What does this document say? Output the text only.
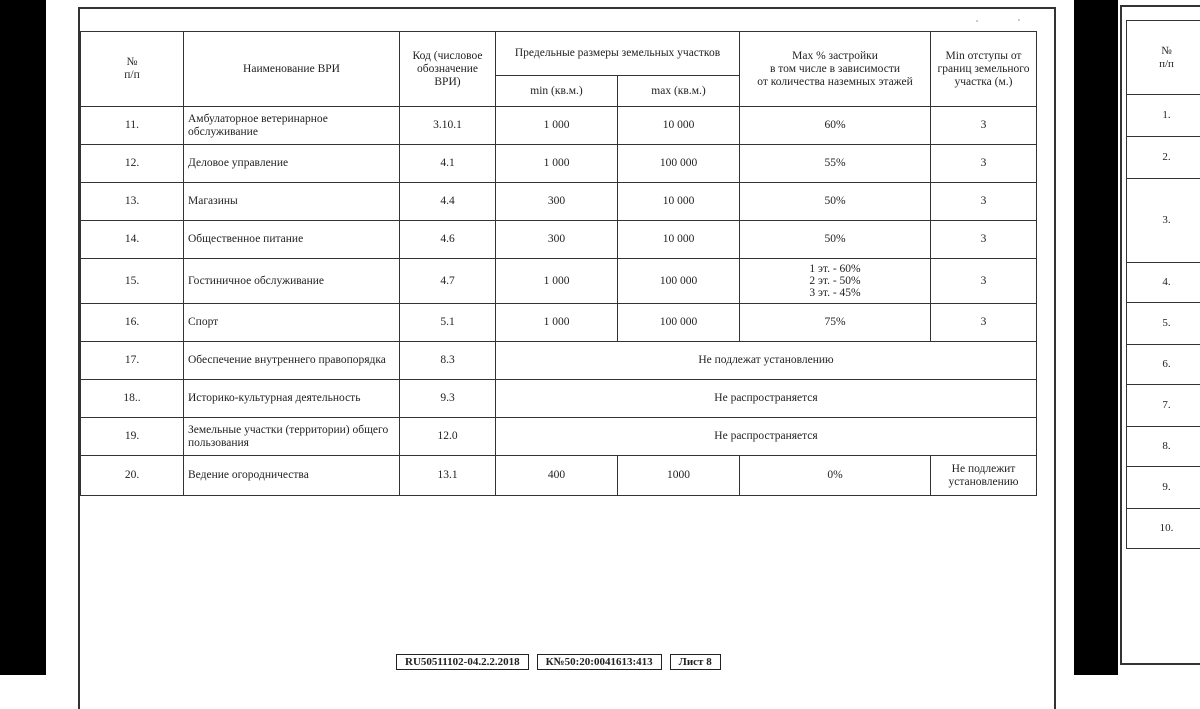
№
п/п	Наименование ВРИ	Код (числовое обозначение ВРИ)	Предельные размеры земельных участков		Max % застройки
в том числе в зависимости
от количества наземных этажей	Min отступы от границ земельного участка (м.)
			min (кв.м.)	max (кв.м.)		
11.	Амбулаторное ветеринарное обслуживание	3.10.1	1 000	10 000	60%	3
12.	Деловое управление	4.1	1 000	100 000	55%	3
13.	Магазины	4.4	300	10 000	50%	3
14.	Общественное питание	4.6	300	10 000	50%	3
15.	Гостиничное обслуживание	4.7	1 000	100 000	1 эт. - 60%
2 эт. - 50%
3 эт. - 45%	3
16.	Спорт	5.1	1 000	100 000	75%	3
17.	Обеспечение внутреннего правопорядка	8.3	Не подлежат установлению			
18..	Историко-культурная деятельность	9.3	Не распространяется			
19.	Земельные участки (территории) общего пользования	12.0	Не распространяется			
20.	Ведение огородничества	13.1	400	1000	0%	Не подлежит установлению
RU50511102-04.2.2.2018	К№50:20:0041613:413	Лист 8
№
п/п
1.
2.
3.
4.
5.
6.
7.
8.
9.
10.
